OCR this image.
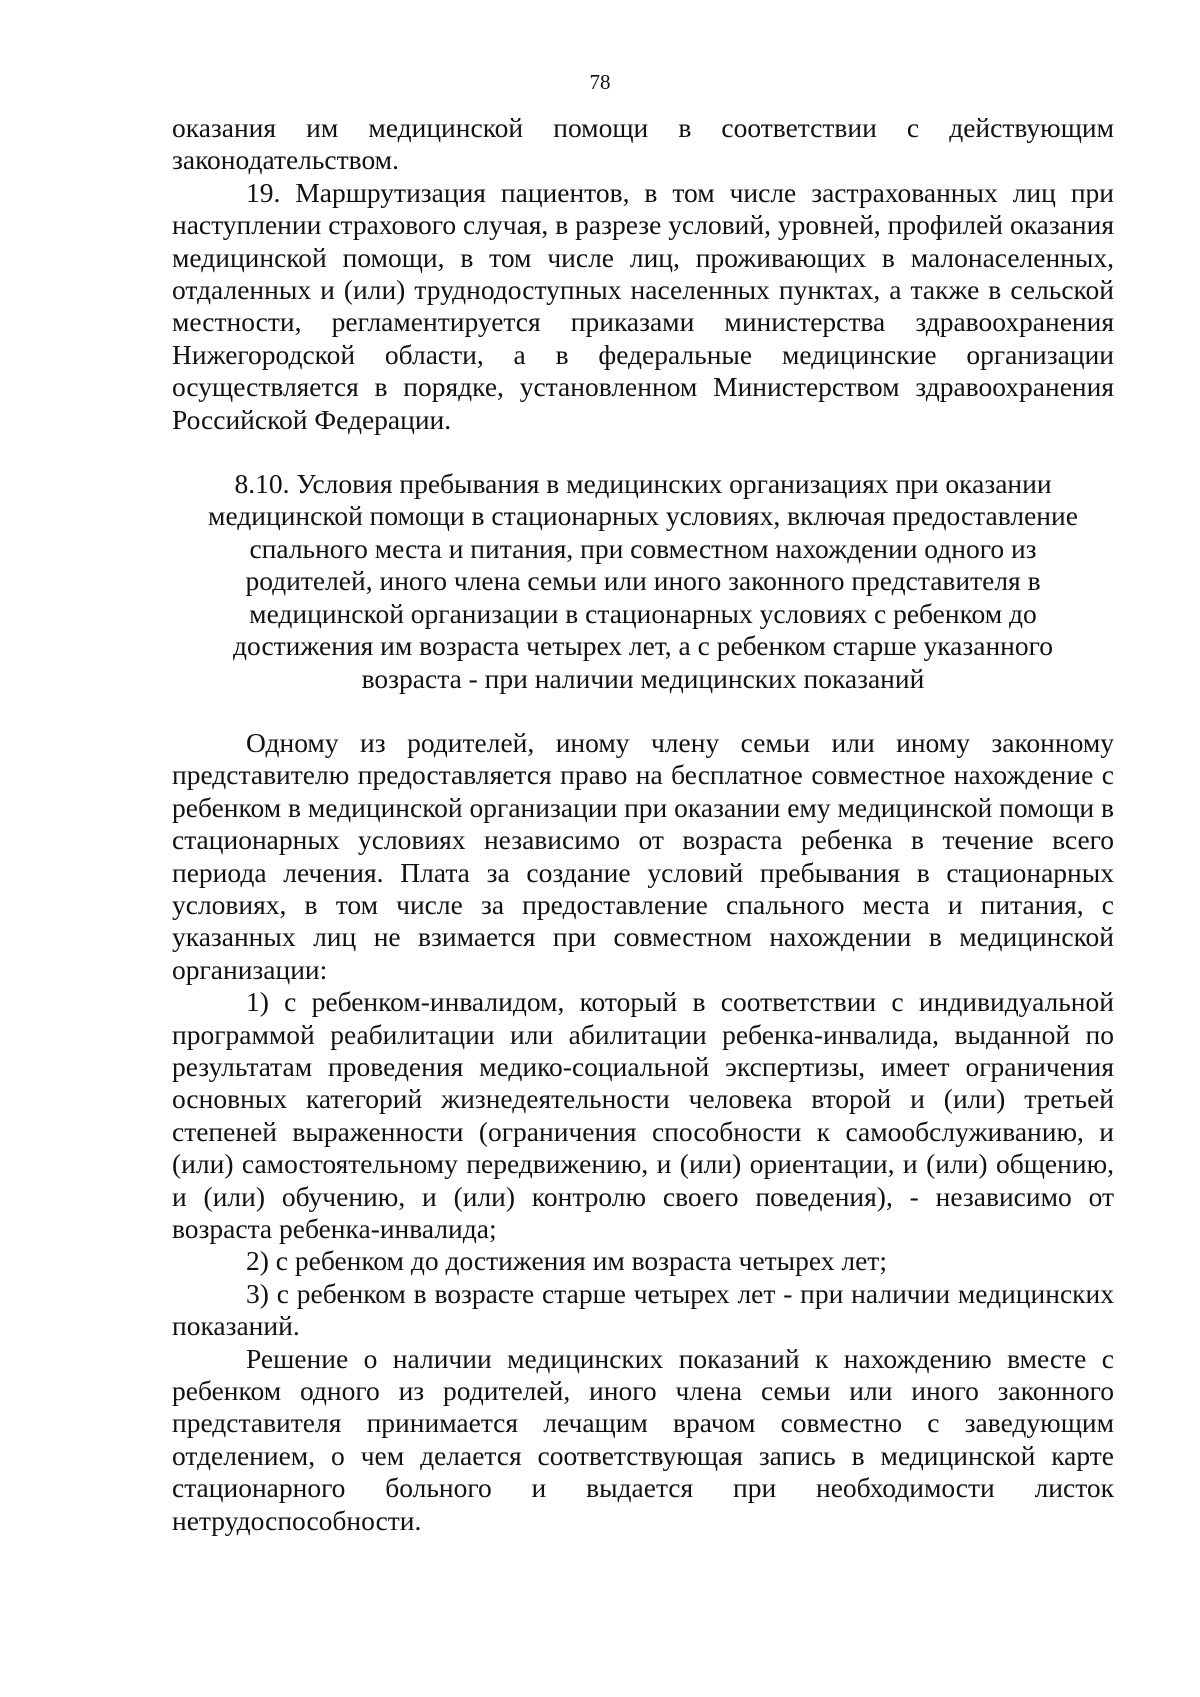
78

оказания им медицинской помощи в соответствии с действующим законодательством.

19. Маршрутизация пациентов, в том числе застрахованных лиц при наступлении страхового случая, в разрезе условий, уровней, профилей оказания медицинской помощи, в том числе лиц, проживающих в малонаселенных, отдаленных и (или) труднодоступных населенных пунктах, а также в сельской местности, регламентируется приказами министерства здравоохранения Нижегородской области, а в федеральные медицинские организации осуществляется в порядке, установленном Министерством здравоохранения Российской Федерации.

8.10. Условия пребывания в медицинских организациях при оказании медицинской помощи в стационарных условиях, включая предоставление спального места и питания, при совместном нахождении одного из родителей, иного члена семьи или иного законного представителя в медицинской организации в стационарных условиях с ребенком до достижения им возраста четырех лет, а с ребенком старше указанного возраста - при наличии медицинских показаний

Одному из родителей, иному члену семьи или иному законному представителю предоставляется право на бесплатное совместное нахождение с ребенком в медицинской организации при оказании ему медицинской помощи в стационарных условиях независимо от возраста ребенка в течение всего периода лечения. Плата за создание условий пребывания в стационарных условиях, в том числе за предоставление спального места и питания, с указанных лиц не взимается при совместном нахождении в медицинской организации:

1) с ребенком-инвалидом, который в соответствии с индивидуальной программой реабилитации или абилитации ребенка-инвалида, выданной по результатам проведения медико-социальной экспертизы, имеет ограничения основных категорий жизнедеятельности человека второй и (или) третьей степеней выраженности (ограничения способности к самообслуживанию, и (или) самостоятельному передвижению, и (или) ориентации, и (или) общению, и (или) обучению, и (или) контролю своего поведения), - независимо от возраста ребенка-инвалида;

2) с ребенком до достижения им возраста четырех лет;

3) с ребенком в возрасте старше четырех лет - при наличии медицинских показаний.

Решение о наличии медицинских показаний к нахождению вместе с ребенком одного из родителей, иного члена семьи или иного законного представителя принимается лечащим врачом совместно с заведующим отделением, о чем делается соответствующая запись в медицинской карте стационарного больного и выдается при необходимости листок нетрудоспособности.
